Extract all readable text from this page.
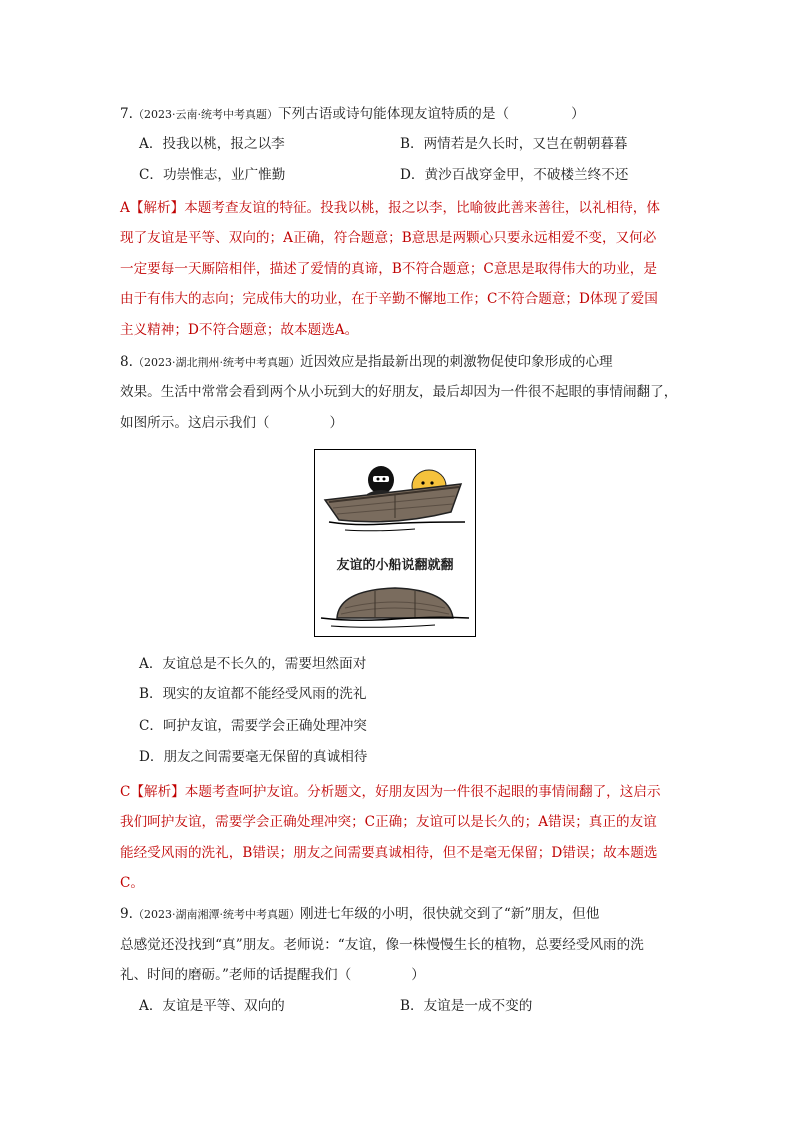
7.（2023·云南·统考中考真题）下列古语或诗句能体现友谊特质的是（	）
A．投我以桃，报之以李	B．两情若是久长时，又岂在朝朝暮暮
C．功崇惟志，业广惟勤	D．黄沙百战穿金甲，不破楼兰终不还
A【解析】本题考查友谊的特征。投我以桃，报之以李，比喻彼此善来善往，以礼相待，体
现了友谊是平等、双向的；A正确，符合题意；B意思是两颗心只要永远相爱不变，又何必
一定要每一天厮陪相伴，描述了爱情的真谛，B不符合题意；C意思是取得伟大的功业，是
由于有伟大的志向；完成伟大的功业，在于辛勤不懈地工作；C不符合题意；D体现了爱国
主义精神；D不符合题意；故本题选A。
8.（2023·湖北荆州·统考中考真题）近因效应是指最新出现的刺激物促使印象形成的心理
效果。生活中常常会看到两个从小玩到大的好朋友，最后却因为一件很不起眼的事情闹翻了，
如图所示。这启示我们（	）
友谊的小船说翻就翻
A．友谊总是不长久的，需要坦然面对
B．现实的友谊都不能经受风雨的洗礼
C．呵护友谊，需要学会正确处理冲突
D．朋友之间需要毫无保留的真诚相待
C【解析】本题考查呵护友谊。分析题文，好朋友因为一件很不起眼的事情闹翻了，这启示
我们呵护友谊，需要学会正确处理冲突；C正确；友谊可以是长久的；A错误；真正的友谊
能经受风雨的洗礼，B错误；朋友之间需要真诚相待，但不是毫无保留；D错误；故本题选
C。
9.（2023·湖南湘潭·统考中考真题）刚进七年级的小明，很快就交到了“新”朋友，但他
总感觉还没找到“真”朋友。老师说：“友谊，像一株慢慢生长的植物，总要经受风雨的洗
礼、时间的磨砺。”老师的话提醒我们（	）
A．友谊是平等、双向的	B．友谊是一成不变的
